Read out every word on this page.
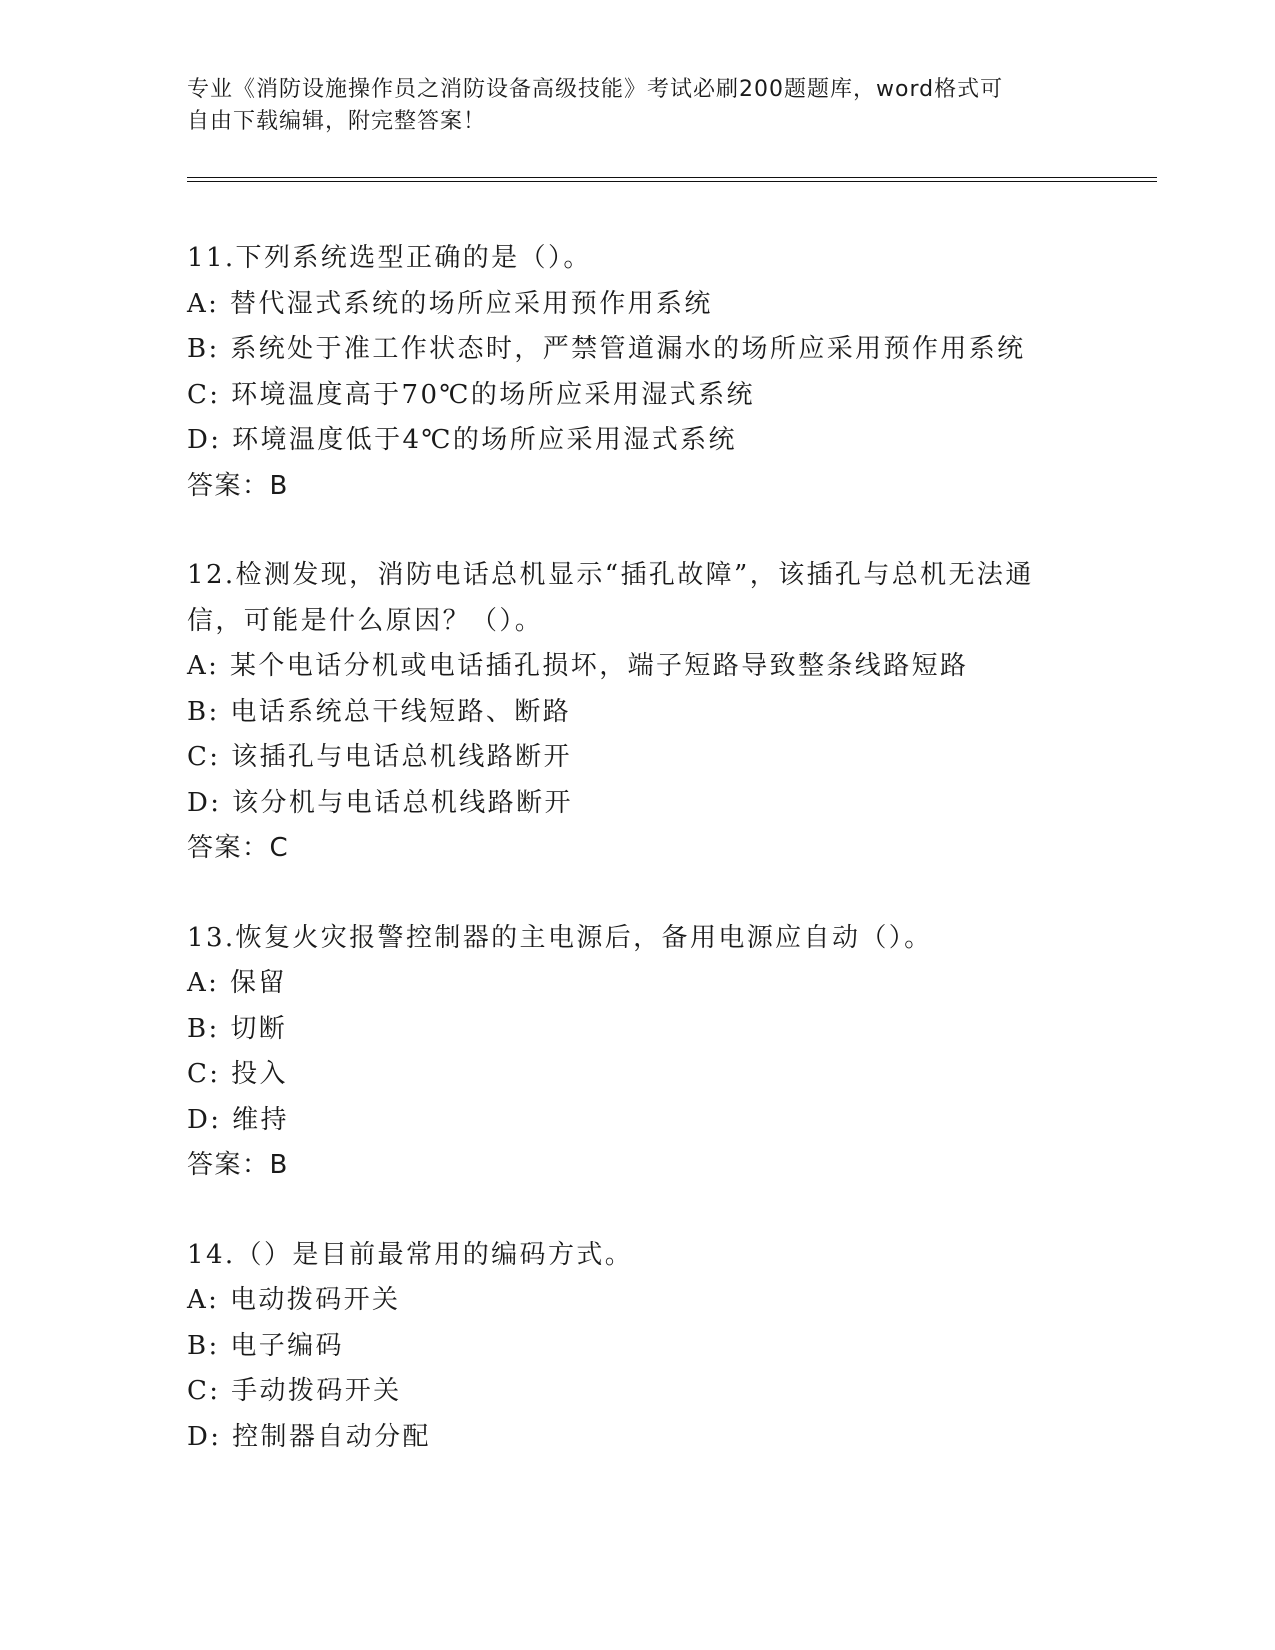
专业《消防设施操作员之消防设备高级技能》考试必刷200题题库，word格式可
自由下载编辑，附完整答案！
11.下列系统选型正确的是（）。
A: 替代湿式系统的场所应采用预作用系统
B: 系统处于准工作状态时，严禁管道漏水的场所应采用预作用系统
C: 环境温度高于70℃的场所应采用湿式系统
D: 环境温度低于4℃的场所应采用湿式系统
答案：B
12.检测发现，消防电话总机显示“插孔故障”，该插孔与总机无法通
信，可能是什么原因？（）。
A: 某个电话分机或电话插孔损坏，端子短路导致整条线路短路
B: 电话系统总干线短路、断路
C: 该插孔与电话总机线路断开
D: 该分机与电话总机线路断开
答案：C
13.恢复火灾报警控制器的主电源后，备用电源应自动（）。
A: 保留
B: 切断
C: 投入
D: 维持
答案：B
14.（）是目前最常用的编码方式。
A: 电动拨码开关
B: 电子编码
C: 手动拨码开关
D: 控制器自动分配
